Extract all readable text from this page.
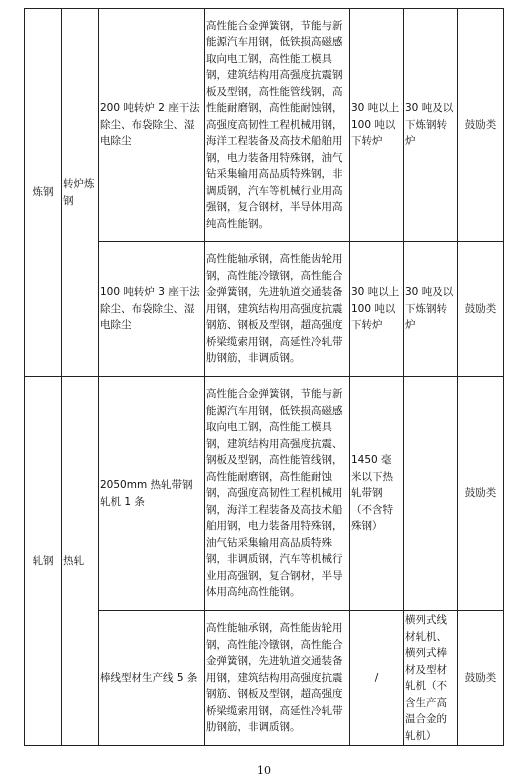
炼钢	转炉炼钢	200 吨转炉 2 座干法除尘、布袋除尘、湿电除尘	高性能合金弹簧钢，节能与新能源汽车用钢，低铁损高磁感取向电工钢，高性能工模具钢，建筑结构用高强度抗震钢板及型钢，高性能管线钢，高性能耐磨钢，高性能耐蚀钢，高强度高韧性工程机械用钢，海洋工程装备及高技术船舶用钢，电力装备用特殊钢，油气钻采集输用高品质特殊钢，非调质钢，汽车等机械行业用高强钢，复合钢材，半导体用高纯高性能钢。	30 吨以上100 吨以下转炉	30 吨及以下炼钢转炉	鼓励类
		100 吨转炉 3 座干法除尘、布袋除尘、湿电除尘	高性能轴承钢，高性能齿轮用钢，高性能冷镦钢，高性能合金弹簧钢，先进轨道交通装备用钢，建筑结构用高强度抗震钢筋、钢板及型钢，超高强度桥梁缆索用钢，高延性冷轧带肋钢筋，非调质钢。	30 吨以上100 吨以下转炉	30 吨及以下炼钢转炉	鼓励类
轧钢	热轧	2050mm 热轧带钢轧机 1 条	高性能合金弹簧钢，节能与新能源汽车用钢，低铁损高磁感取向电工钢，高性能工模具钢，建筑结构用高强度抗震、钢板及型钢，高性能管线钢，高性能耐磨钢，高性能耐蚀钢，高强度高韧性工程机械用钢，海洋工程装备及高技术船舶用钢，电力装备用特殊钢，油气钻采集输用高品质特殊钢，非调质钢，汽车等机械行业用高强钢，复合钢材，半导体用高纯高性能钢。	1450 毫米以下热轧带钢（不含特殊钢）		鼓励类
		棒线型材生产线 5 条	高性能轴承钢，高性能齿轮用钢，高性能冷镦钢，高性能合金弹簧钢，先进轨道交通装备用钢，建筑结构用高强度抗震钢筋、钢板及型钢，超高强度桥梁缆索用钢，高延性冷轧带肋钢筋，非调质钢。	/	横列式线材轧机、横列式棒材及型材轧机（不含生产高温合金的轧机）	鼓励类
10
